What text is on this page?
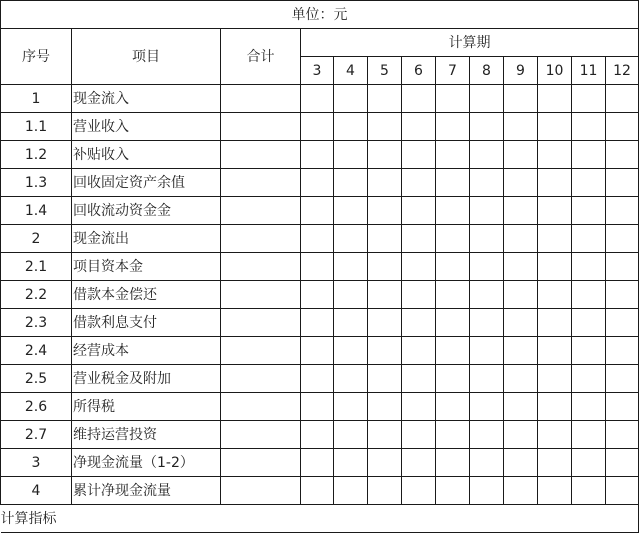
单位：元												
序号	项目	合计	计算期									
			3	4	5	6	7	8	9	10	11	12
1	现金流入											
1.1	营业收入											
1.2	补贴收入											
1.3	回收固定资产余值											
1.4	回收流动资金金											
2	现金流出											
2.1	项目资本金											
2.2	借款本金偿还											
2.3	借款利息支付											
2.4	经营成本											
2.5	营业税金及附加											
2.6	所得税											
2.7	维持运营投资											
3	净现金流量（1-2）											
4	累计净现金流量											
计算指标												
